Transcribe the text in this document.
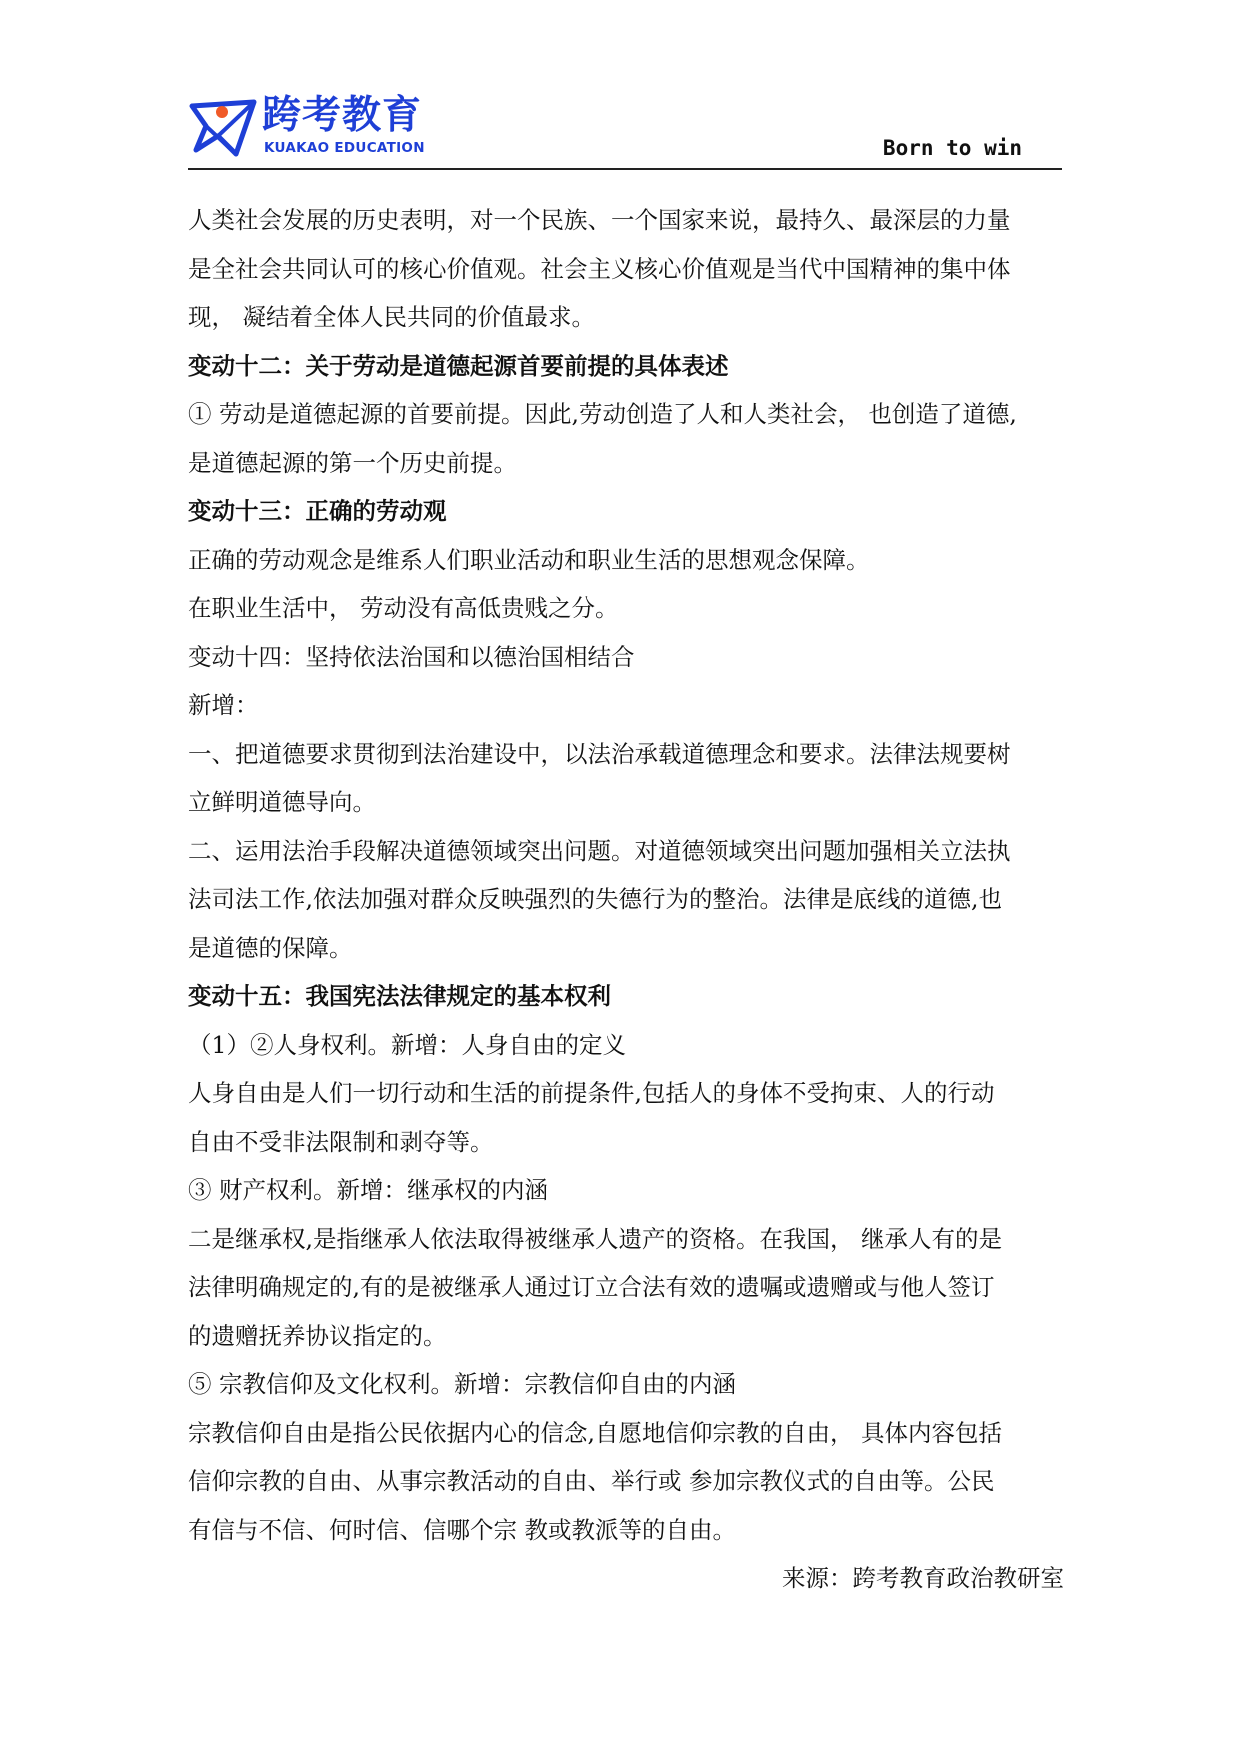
跨考教育
KUAKAO EDUCATION	Born to win

人类社会发展的历史表明，对一个民族、一个国家来说，最持久、最深层的力量

是全社会共同认可的核心价值观。社会主义核心价值观是当代中国精神的集中体

现， 凝结着全体人民共同的价值最求。

变动十二：关于劳动是道德起源首要前提的具体表述

① 劳动是道德起源的首要前提。因此,劳动创造了人和人类社会， 也创造了道德,

是道德起源的第一个历史前提。

变动十三：正确的劳动观

正确的劳动观念是维系人们职业活动和职业生活的思想观念保障。

在职业生活中， 劳动没有高低贵贱之分。

变动十四：坚持依法治国和以德治国相结合

新增：

一、把道德要求贯彻到法治建设中，以法治承载道德理念和要求。法律法规要树

立鲜明道德导向。

二、运用法治手段解决道德领域突出问题。对道德领域突出问题加强相关立法执

法司法工作,依法加强对群众反映强烈的失德行为的整治。法律是底线的道德,也

是道德的保障。

变动十五：我国宪法法律规定的基本权利

（1）②人身权利。新增：人身自由的定义

人身自由是人们一切行动和生活的前提条件,包括人的身体不受拘束、人的行动

自由不受非法限制和剥夺等。

③ 财产权利。新增：继承权的内涵

二是继承权,是指继承人依法取得被继承人遗产的资格。在我国， 继承人有的是

法律明确规定的,有的是被继承人通过订立合法有效的遗嘱或遗赠或与他人签订

的遗赠抚养协议指定的。

⑤ 宗教信仰及文化权利。新增：宗教信仰自由的内涵

宗教信仰自由是指公民依据内心的信念,自愿地信仰宗教的自由， 具体内容包括

信仰宗教的自由、从事宗教活动的自由、举行或 参加宗教仪式的自由等。公民

有信与不信、何时信、信哪个宗 教或教派等的自由。

来源：跨考教育政治教研室
